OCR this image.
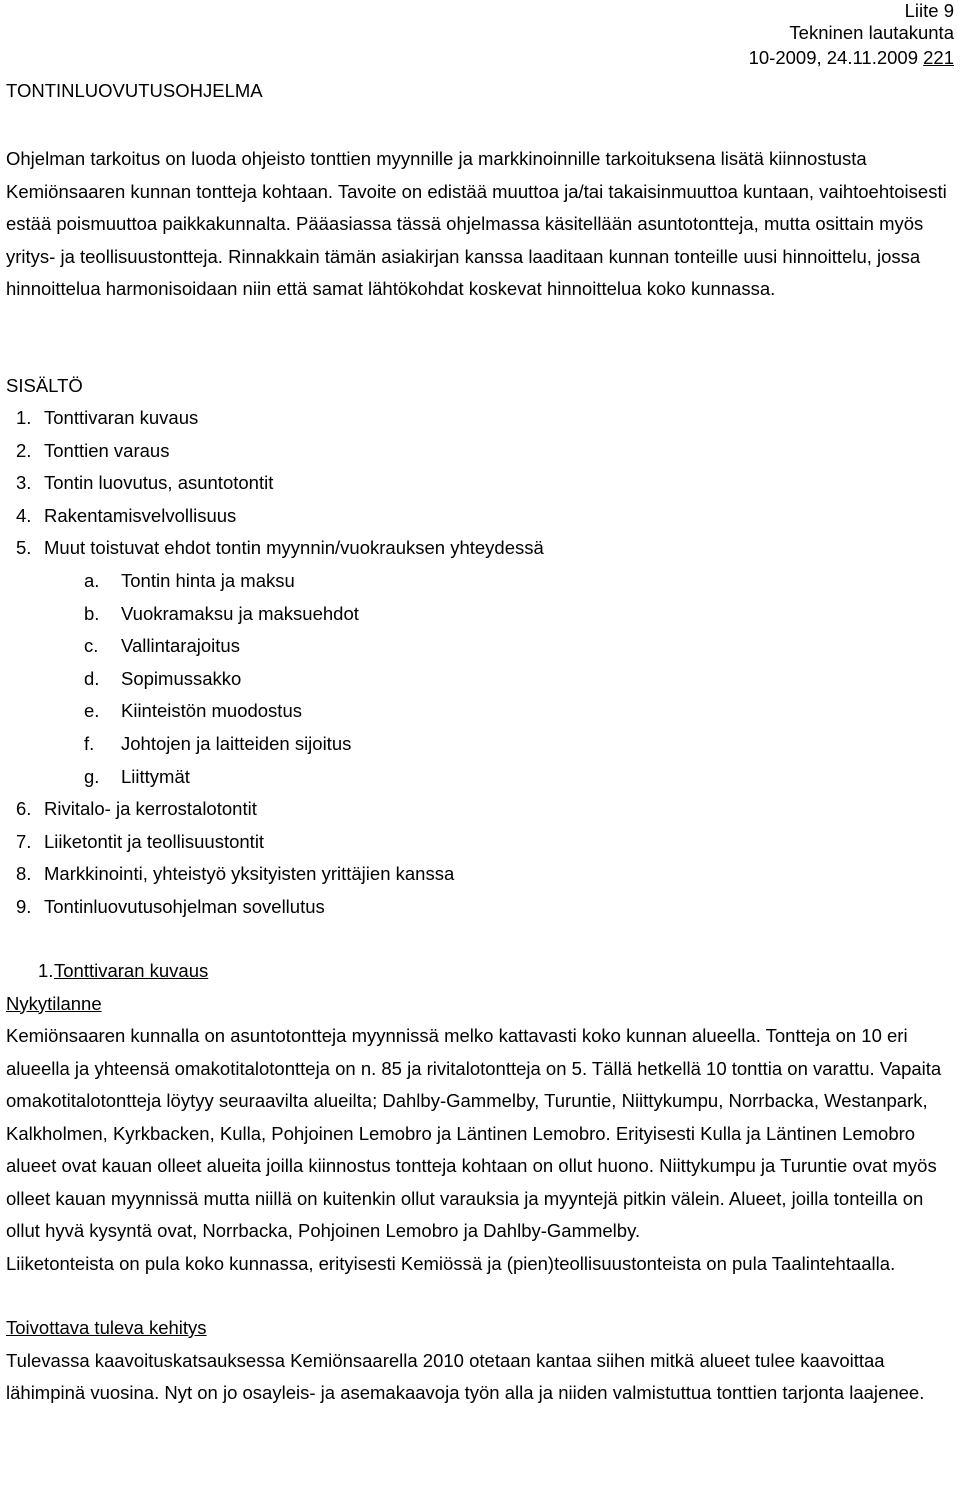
TONTINLUOVUTUSOHJELMA
Liite 9
Tekninen lautakunta
10-2009, 24.11.2009 221

Ohjelman tarkoitus on luoda ohjeisto tonttien myynnille ja markkinoinnille tarkoituksena lisätä kiinnostusta Kemiönsaaren kunnan tontteja kohtaan. Tavoite on edistää muuttoa ja/tai takaisinmuuttoa kuntaan, vaihtoehtoisesti estää poismuuttoa paikkakunnalta. Pääasiassa tässä ohjelmassa käsitellään asuntotontteja, mutta osittain myös yritys- ja teollisuustontteja. Rinnakkain tämän asiakirjan kanssa laaditaan kunnan tonteille uusi hinnoittelu, jossa hinnoittelua harmonisoidaan niin että samat lähtökohdat koskevat hinnoittelua koko kunnassa.

SISÄLTÖ
1. Tonttivaran kuvaus
2. Tonttien varaus
3. Tontin luovutus, asuntotontit
4. Rakentamisvelvollisuus
5. Muut toistuvat ehdot tontin myynnin/vuokrauksen yhteydessä
a. Tontin hinta ja maksu
b. Vuokramaksu ja maksuehdot
c. Vallintarajoitus
d. Sopimussakko
e. Kiinteistön muodostus
f. Johtojen ja laitteiden sijoitus
g. Liittymät
6. Rivitalo- ja kerrostalotontit
7. Liiketontit ja teollisuustontit
8. Markkinointi, yhteistyö yksityisten yrittäjien kanssa
9. Tontinluovutusohjelman sovellutus
1.Tonttivaran kuvaus
Nykytilanne

Kemiönsaaren kunnalla on asuntotontteja myynnissä melko kattavasti koko kunnan alueella. Tontteja on 10 eri alueella ja yhteensä omakotitalotontteja on n. 85 ja rivitalotontteja on 5. Tällä hetkellä 10 tonttia on varattu. Vapaita omakotitalotontteja löytyy seuraavilta alueilta; Dahlby-Gammelby, Turuntie, Niittykumpu, Norrbacka, Westanpark, Kalkholmen, Kyrkbacken, Kulla, Pohjoinen Lemobro ja Läntinen Lemobro. Erityisesti Kulla ja Läntinen Lemobro alueet ovat kauan olleet alueita joilla kiinnostus tontteja kohtaan on ollut huono. Niittykumpu ja Turuntie ovat myös olleet kauan myynnissä mutta niillä on kuitenkin ollut varauksia ja myyntejä pitkin välein. Alueet, joilla tonteilla on ollut hyvä kysyntä ovat, Norrbacka, Pohjoinen Lemobro ja Dahlby-Gammelby.

Liiketonteista on pula koko kunnassa, erityisesti Kemiössä ja (pien)teollisuustonteista on pula Taalintehtaalla.

Toivottava tuleva kehitys

Tulevassa kaavoituskatsauksessa Kemiönsaarella 2010 otetaan kantaa siihen mitkä alueet tulee kaavoittaa lähimpinä vuosina. Nyt on jo osayleis- ja asemakaavoja työn alla ja niiden valmistuttua tonttien tarjonta laajenee.
